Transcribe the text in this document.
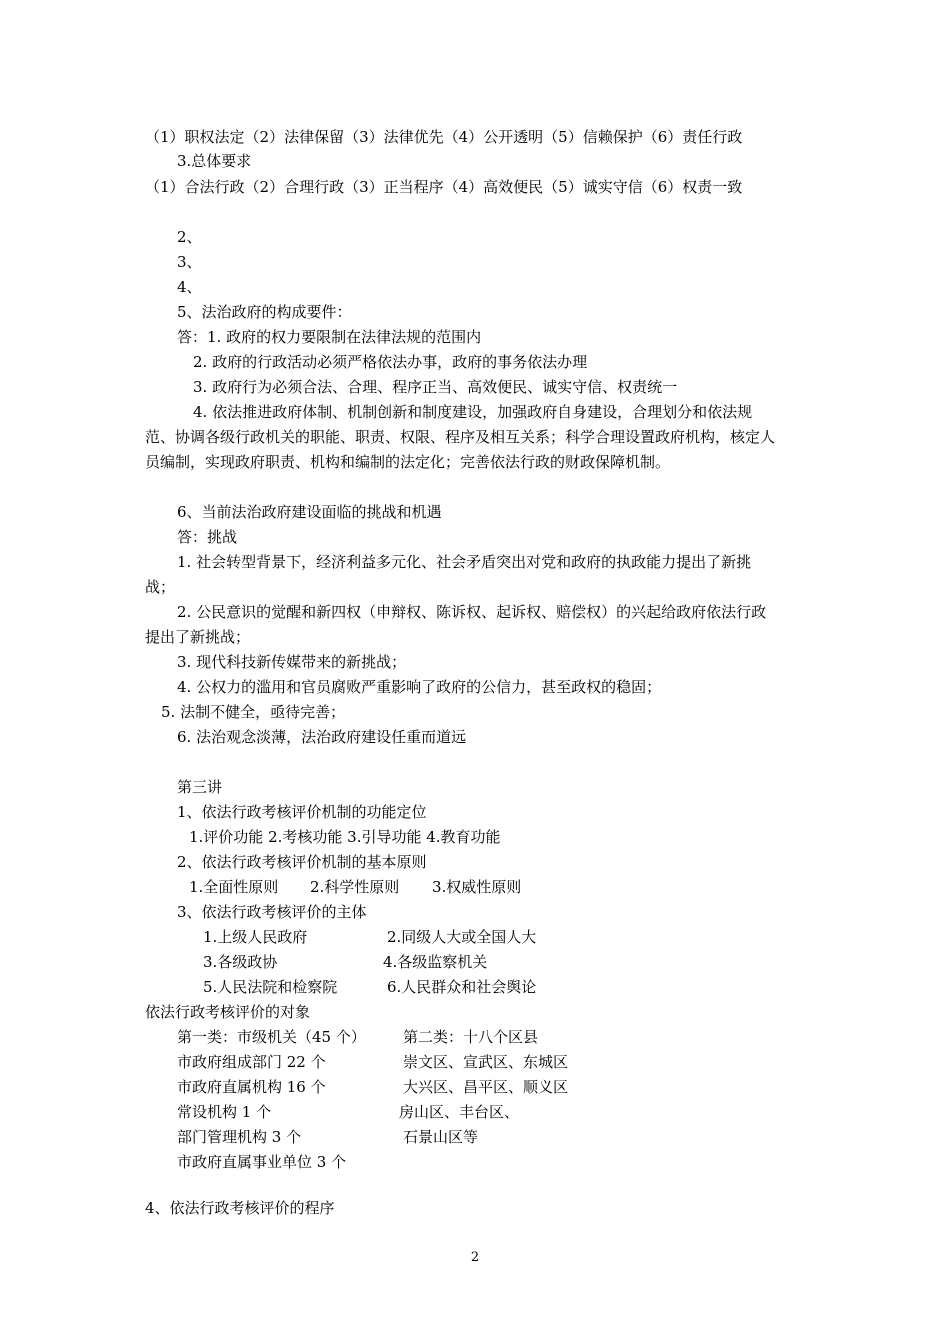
（1）职权法定（2）法律保留（3）法律优先（4）公开透明（5）信赖保护（6）责任行政
3.总体要求
（1）合法行政（2）合理行政（3）正当程序（4）高效便民（5）诚实守信（6）权责一致
2、
3、
4、
5、法治政府的构成要件：
答：1. 政府的权力要限制在法律法规的范围内
2. 政府的行政活动必须严格依法办事，政府的事务依法办理
3. 政府行为必须合法、合理、程序正当、高效便民、诚实守信、权责统一
4. 依法推进政府体制、机制创新和制度建设，加强政府自身建设，合理划分和依法规
范、协调各级行政机关的职能、职责、权限、程序及相互关系；科学合理设置政府机构，核定人
员编制，实现政府职责、机构和编制的法定化；完善依法行政的财政保障机制。
6、当前法治政府建设面临的挑战和机遇
答：挑战
1. 社会转型背景下，经济利益多元化、社会矛盾突出对党和政府的执政能力提出了新挑
战；
2. 公民意识的觉醒和新四权（申辩权、陈诉权、起诉权、赔偿权）的兴起给政府依法行政
提出了新挑战；
3. 现代科技新传媒带来的新挑战；
4. 公权力的滥用和官员腐败严重影响了政府的公信力，甚至政权的稳固；
5. 法制不健全，亟待完善；
6. 法治观念淡薄，法治政府建设任重而道远
第三讲
1、依法行政考核评价机制的功能定位
1.评价功能 2.考核功能 3.引导功能 4.教育功能
2、依法行政考核评价机制的基本原则
1.全面性原则 2.科学性原则 3.权威性原则
3、依法行政考核评价的主体
1.上级人民政府	2.同级人大或全国人大
3.各级政协	4.各级监察机关
5.人民法院和检察院	6.人民群众和社会舆论
依法行政考核评价的对象
第一类：市级机关（45 个） 第二类：十八个区县
市政府组成部门 22 个	崇文区、宣武区、东城区
市政府直属机构 16 个	大兴区、昌平区、顺义区
常设机构 1 个	房山区、丰台区、
部门管理机构 3 个	石景山区等
市政府直属事业单位 3 个
4、依法行政考核评价的程序
2
